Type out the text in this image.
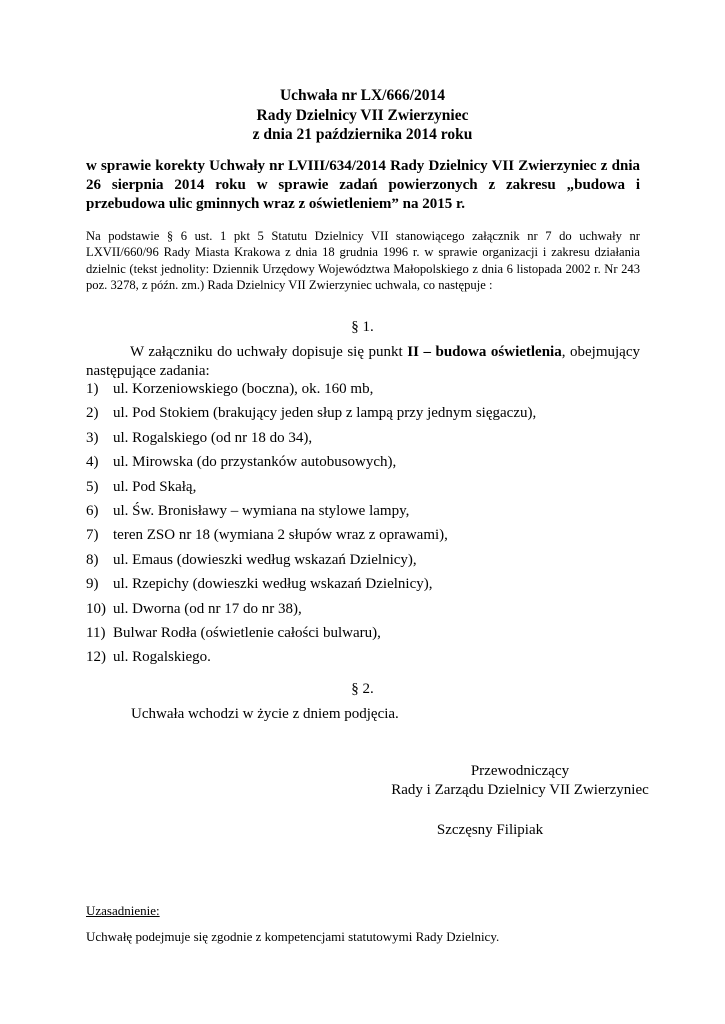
Uchwała nr LX/666/2014
Rady Dzielnicy VII Zwierzyniec
z dnia 21 października 2014 roku
w sprawie korekty Uchwały nr LVIII/634/2014 Rady Dzielnicy VII Zwierzyniec z dnia 26 sierpnia 2014 roku w sprawie zadań powierzonych z zakresu „budowa i przebudowa ulic gminnych wraz z oświetleniem” na 2015 r.
Na podstawie § 6 ust. 1 pkt 5 Statutu Dzielnicy VII stanowiącego załącznik nr 7 do uchwały nr LXVII/660/96 Rady Miasta Krakowa z dnia 18 grudnia 1996 r. w sprawie organizacji i zakresu działania dzielnic (tekst jednolity: Dziennik Urzędowy Województwa Małopolskiego z dnia 6 listopada 2002 r. Nr 243 poz. 3278, z późn. zm.) Rada Dzielnicy VII Zwierzyniec uchwala, co następuje :
§ 1.
W załączniku do uchwały dopisuje się punkt II – budowa oświetlenia, obejmujący następujące zadania:
1) ul. Korzeniowskiego (boczna), ok. 160 mb,
2) ul. Pod Stokiem (brakujący jeden słup z lampą przy jednym sięgaczu),
3) ul. Rogalskiego (od nr 18 do 34),
4) ul. Mirowska (do przystanków autobusowych),
5) ul. Pod Skałą,
6) ul. Św. Bronisławy – wymiana na stylowe lampy,
7) teren ZSO nr 18 (wymiana 2 słupów wraz z oprawami),
8) ul. Emaus (dowieszki według wskazań Dzielnicy),
9) ul. Rzepichy (dowieszki według wskazań Dzielnicy),
10) ul. Dworna (od nr 17 do nr 38),
11) Bulwar Rodła (oświetlenie całości bulwaru),
12) ul. Rogalskiego.
§ 2.
Uchwała wchodzi w życie z dniem podjęcia.
Przewodniczący
Rady i Zarządu Dzielnicy VII Zwierzyniec
Szczęsny Filipiak
Uzasadnienie:
Uchwałę podejmuje się zgodnie z kompetencjami statutowymi Rady Dzielnicy.
